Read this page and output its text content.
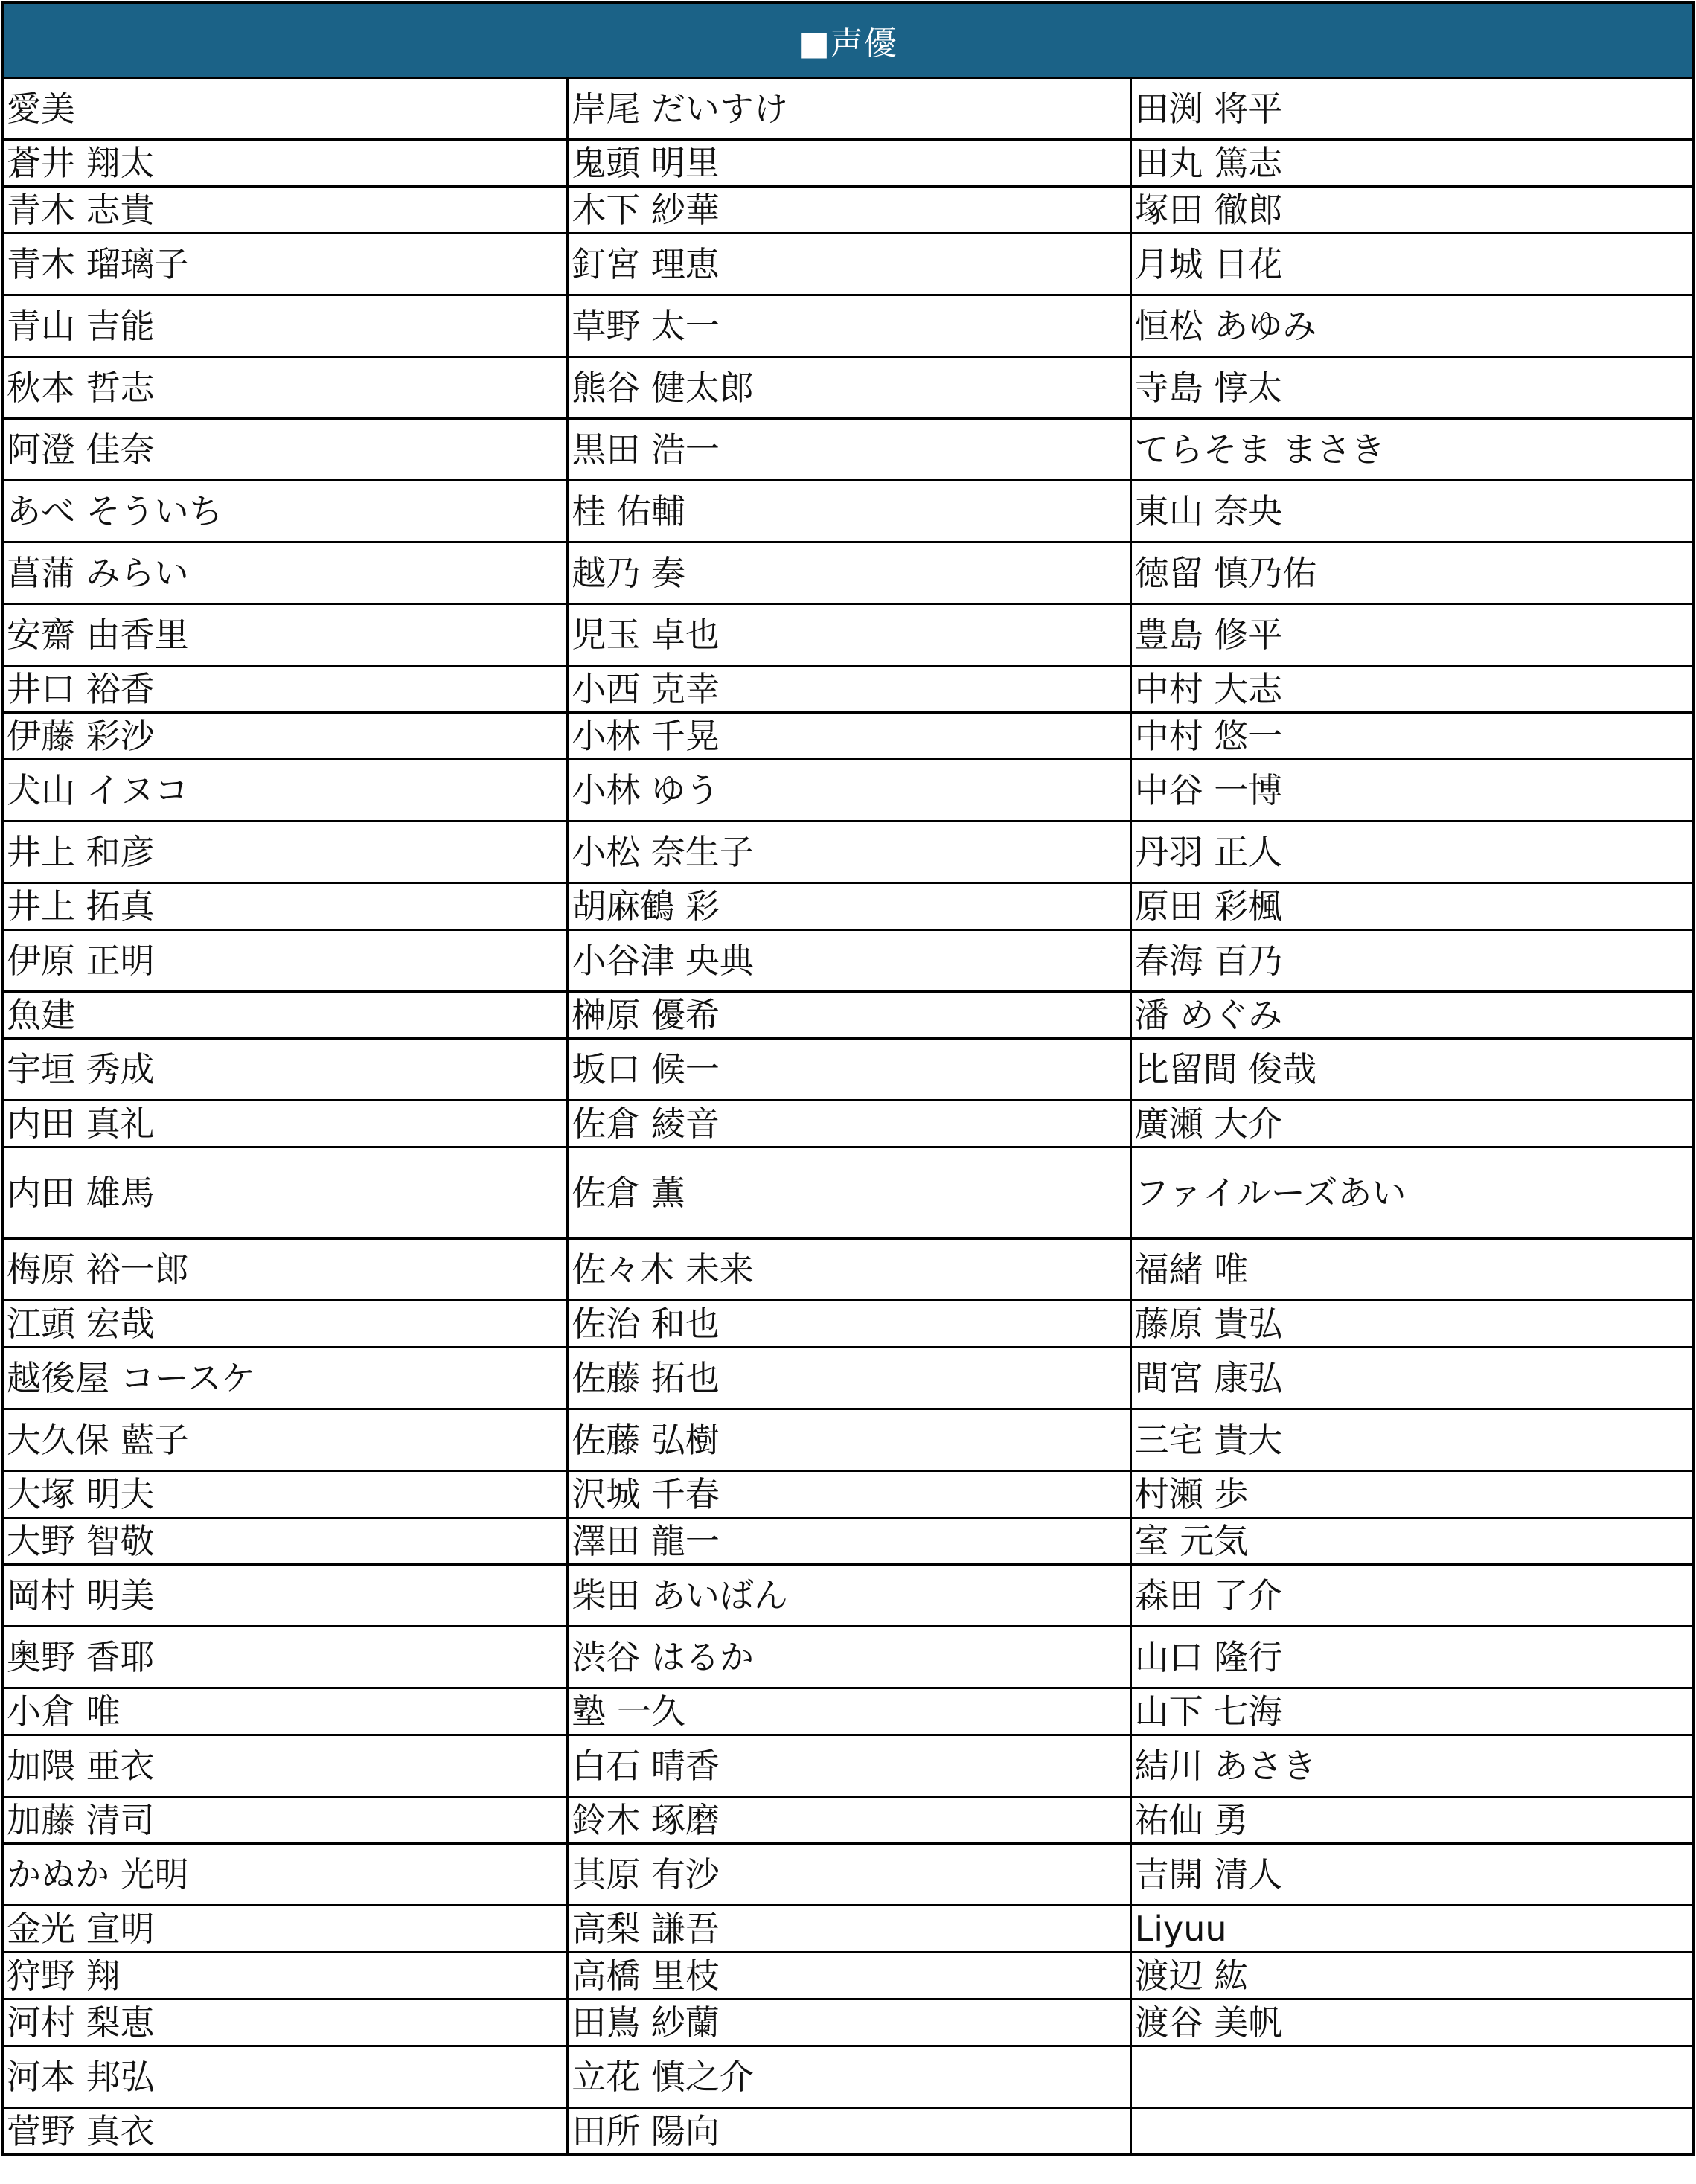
■声優
愛美	岸尾 だいすけ	田渕 将平
蒼井 翔太	鬼頭 明里	田丸 篤志
青木 志貴	木下 紗華	塚田 徹郎
青木 瑠璃子	釘宮 理恵	月城 日花
青山 吉能	草野 太一	恒松 あゆみ
秋本 哲志	熊谷 健太郎	寺島 惇太
阿澄 佳奈	黒田 浩一	てらそま まさき
あべ そういち	桂 佑輔	東山 奈央
菖蒲 みらい	越乃 奏	徳留 慎乃佑
安齋 由香里	児玉 卓也	豊島 修平
井口 裕香	小西 克幸	中村 大志
伊藤 彩沙	小林 千晃	中村 悠一
犬山 イヌコ	小林 ゆう	中谷 一博
井上 和彦	小松 奈生子	丹羽 正人
井上 拓真	胡麻鶴 彩	原田 彩楓
伊原 正明	小谷津 央典	春海 百乃
魚建	榊原 優希	潘 めぐみ
宇垣 秀成	坂口 候一	比留間 俊哉
内田 真礼	佐倉 綾音	廣瀬 大介
内田 雄馬	佐倉 薫	ファイルーズあい
梅原 裕一郎	佐々木 未来	福緒 唯
江頭 宏哉	佐治 和也	藤原 貴弘
越後屋 コースケ	佐藤 拓也	間宮 康弘
大久保 藍子	佐藤 弘樹	三宅 貴大
大塚 明夫	沢城 千春	村瀬 歩
大野 智敬	澤田 龍一	室 元気
岡村 明美	柴田 あいばん	森田 了介
奥野 香耶	渋谷 はるか	山口 隆行
小倉 唯	塾 一久	山下 七海
加隈 亜衣	白石 晴香	結川 あさき
加藤 清司	鈴木 琢磨	祐仙 勇
かぬか 光明	其原 有沙	吉開 清人
金光 宣明	高梨 謙吾	Liyuu
狩野 翔	高橋 里枝	渡辺 紘
河村 梨恵	田嶌 紗蘭	渡谷 美帆
河本 邦弘	立花 慎之介
菅野 真衣	田所 陽向
